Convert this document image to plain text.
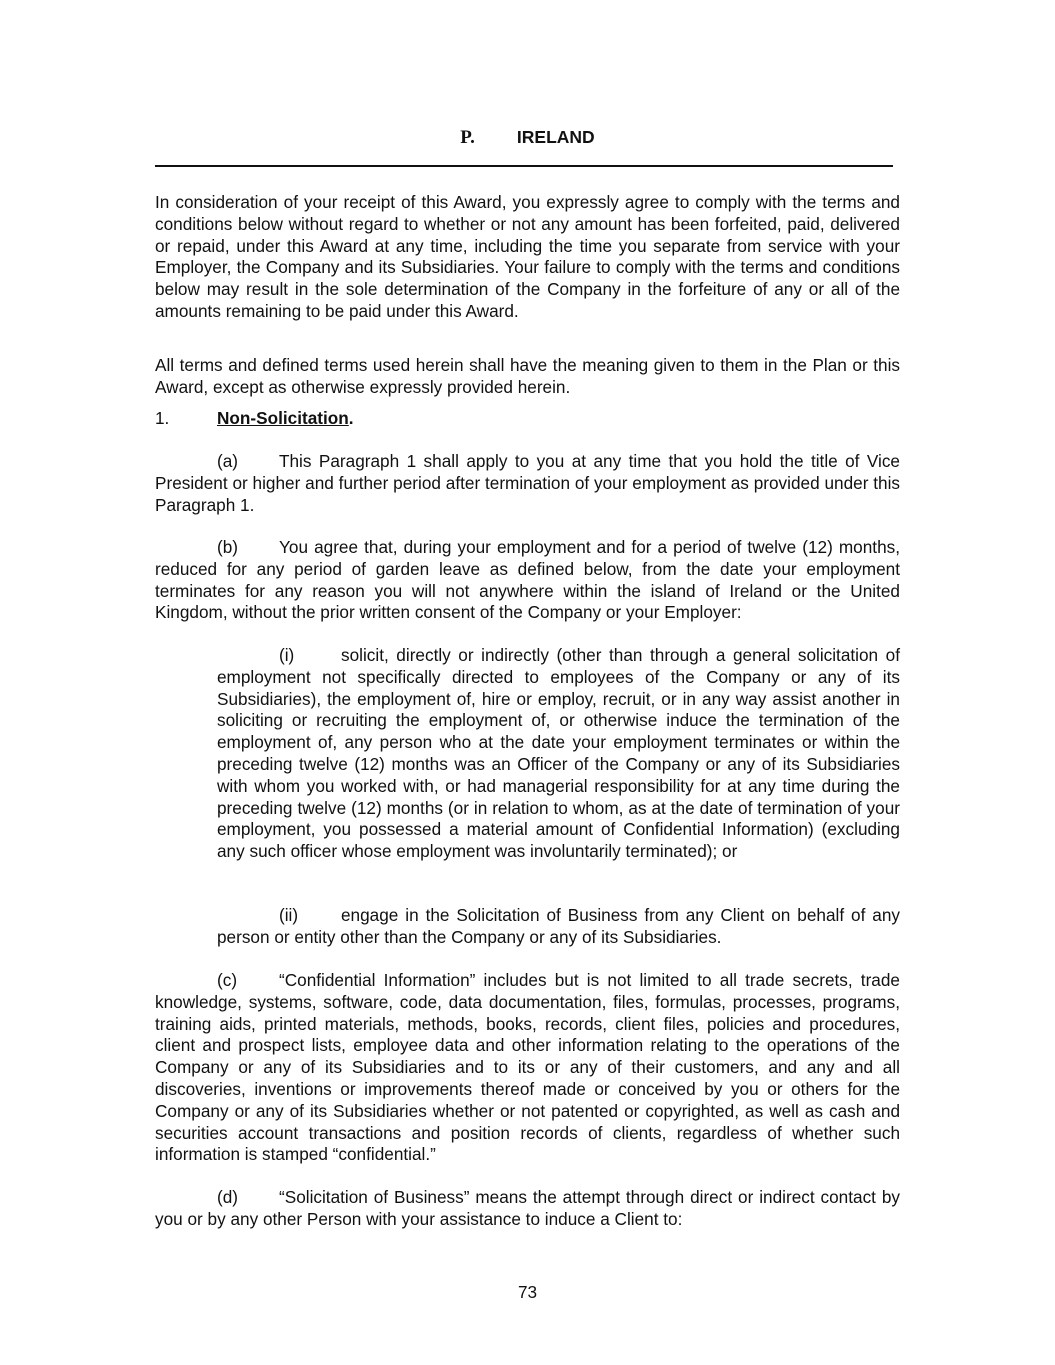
P. IRELAND

In consideration of your receipt of this Award, you expressly agree to comply with the terms and conditions below without regard to whether or not any amount has been forfeited, paid, delivered or repaid, under this Award at any time, including the time you separate from service with your Employer, the Company and its Subsidiaries. Your failure to comply with the terms and conditions below may result in the sole determination of the Company in the forfeiture of any or all of the amounts remaining to be paid under this Award.

All terms and defined terms used herein shall have the meaning given to them in the Plan or this Award, except as otherwise expressly provided herein.

1.	Non-Solicitation.

(a) This Paragraph 1 shall apply to you at any time that you hold the title of Vice President or higher and further period after termination of your employment as provided under this Paragraph 1.

(b) You agree that, during your employment and for a period of twelve (12) months, reduced for any period of garden leave as defined below, from the date your employment terminates for any reason you will not anywhere within the island of Ireland or the United Kingdom, without the prior written consent of the Company or your Employer:

(i)	solicit, directly or indirectly (other than through a general solicitation of employment not specifically directed to employees of the Company or any of its Subsidiaries), the employment of, hire or employ, recruit, or in any way assist another in soliciting or recruiting the employment of, or otherwise induce the termination of the employment of, any person who at the date your employment terminates or within the preceding twelve (12) months was an Officer of the Company or any of its Subsidiaries with whom you worked with, or had managerial responsibility for at any time during the preceding twelve (12) months (or in relation to whom, as at the date of termination of your employment, you possessed a material amount of Confidential Information) (excluding any such officer whose employment was involuntarily terminated); or

(ii) engage in the Solicitation of Business from any Client on behalf of any person or entity other than the Company or any of its Subsidiaries.

(c) “Confidential Information” includes but is not limited to all trade secrets, trade knowledge, systems, software, code, data documentation, files, formulas, processes, programs, training aids, printed materials, methods, books, records, client files, policies and procedures, client and prospect lists, employee data and other information relating to the operations of the Company or any of its Subsidiaries and to its or any of their customers, and any and all discoveries, inventions or improvements thereof made or conceived by you or others for the Company or any of its Subsidiaries whether or not patented or copyrighted, as well as cash and securities account transactions and position records of clients, regardless of whether such information is stamped “confidential.”

(d) “Solicitation of Business” means the attempt through direct or indirect contact by you or by any other Person with your assistance to induce a Client to:

73
